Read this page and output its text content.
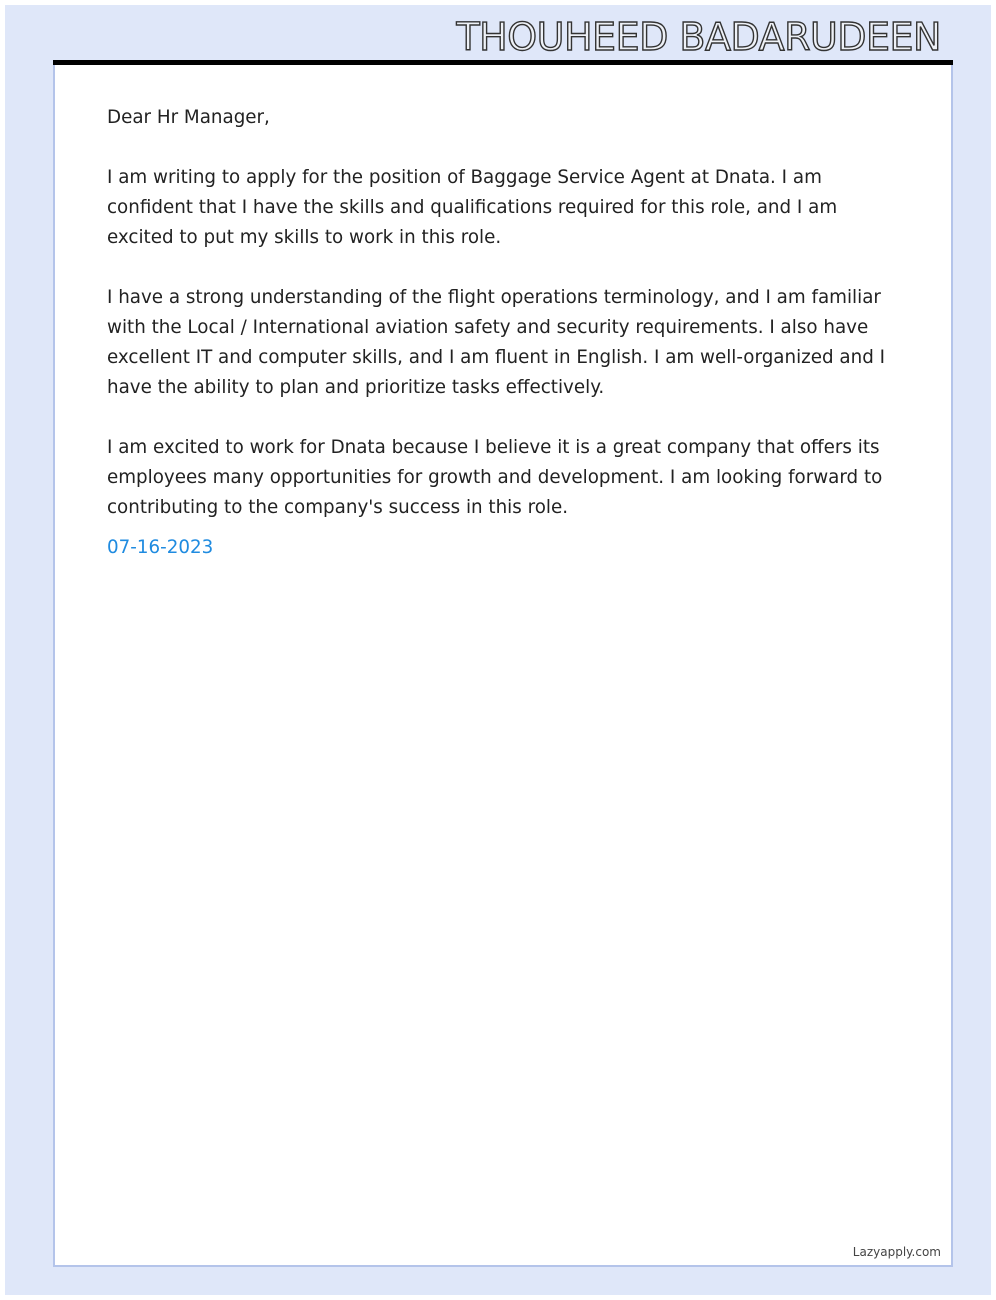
THOUHEED BADARUDEEN

Dear Hr Manager,

I am writing to apply for the position of Baggage Service Agent at Dnata. I am confident that I have the skills and qualifications required for this role, and I am excited to put my skills to work in this role.

I have a strong understanding of the flight operations terminology, and I am familiar with the Local / International aviation safety and security requirements. I also have excellent IT and computer skills, and I am fluent in English. I am well-organized and I have the ability to plan and prioritize tasks effectively.

I am excited to work for Dnata because I believe it is a great company that offers its employees many opportunities for growth and development. I am looking forward to contributing to the company's success in this role.

07-16-2023

Lazyapply.com
